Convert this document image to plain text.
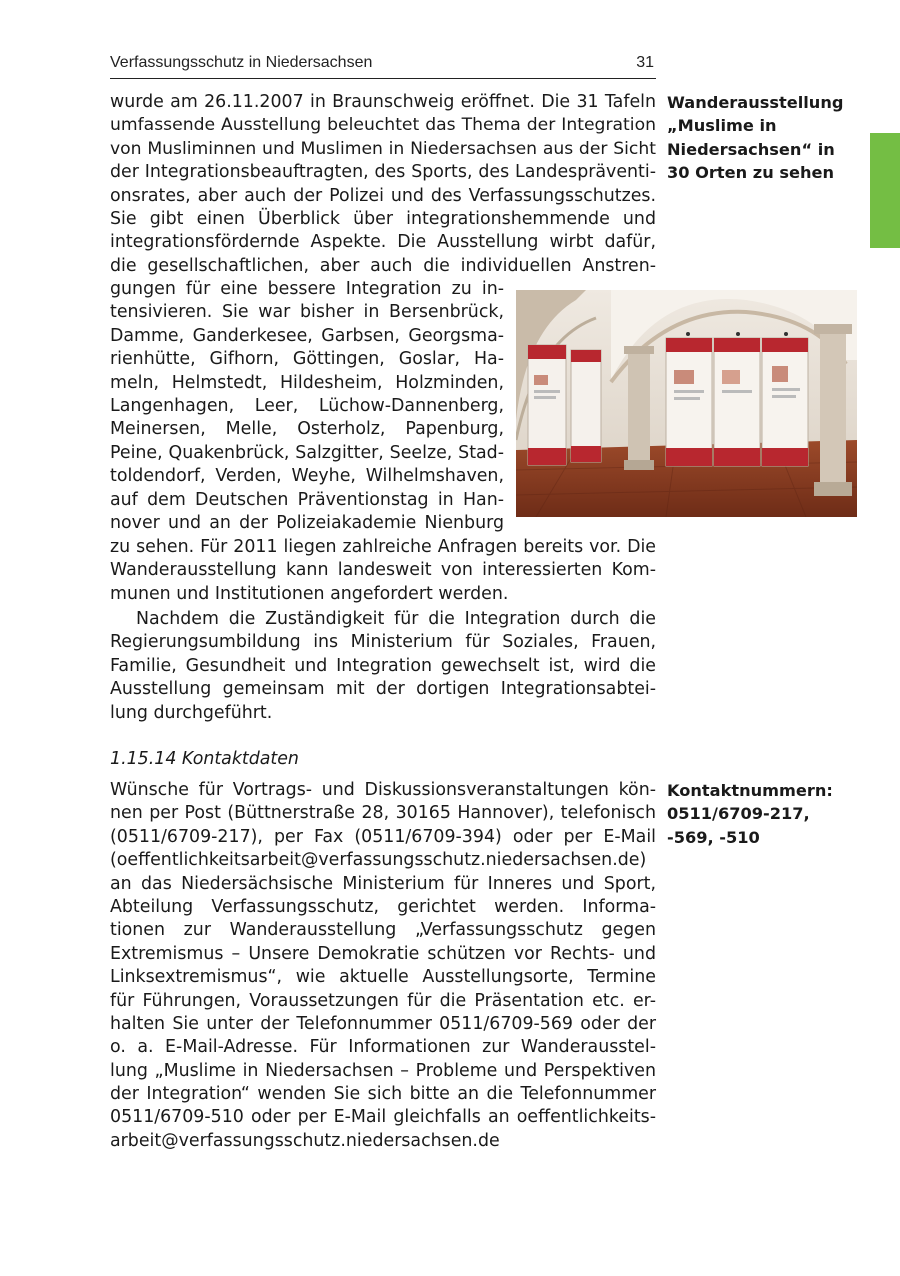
Verfassungsschutz in Niedersachsen	31
Wanderausstellung
„Muslime in
Niedersachsen“ in
30 Orten zu sehen
Kontaktnummern:
0511/6709-217,
-569, -510
wurde am 26.11.2007 in Braunschweig eröffnet. Die 31 Tafeln
umfassende Ausstellung beleuchtet das Thema der Integration
von Musliminnen und Muslimen in Niedersachsen aus der Sicht
der Integrationsbeauftragten, des Sports, des Landespräventi-
onsrates, aber auch der Polizei und des Verfassungsschutzes.
Sie gibt einen Überblick über integrationshemmende und
integrationsfördernde Aspekte. Die Ausstellung wirbt dafür,
die gesellschaftlichen, aber auch die individuellen Anstren-
gungen für eine bessere Integration zu in-
tensivieren. Sie war bisher in Bersenbrück,
Damme, Ganderkesee, Garbsen, Georgsma-
rienhütte, Gifhorn, Göttingen, Goslar, Ha-
meln, Helmstedt, Hildesheim, Holzminden,
Langenhagen, Leer, Lüchow-Dannenberg,
Meinersen, Melle, Osterholz, Papenburg,
Peine, Quakenbrück, Salzgitter, Seelze, Stad-
toldendorf, Verden, Weyhe, Wilhelmshaven,
auf dem Deutschen Präventionstag in Han-
nover und an der Polizeiakademie Nienburg
zu sehen. Für 2011 liegen zahlreiche Anfragen bereits vor. Die
Wanderausstellung kann landesweit von interessierten Kom-
munen und Institutionen angefordert werden.
Nachdem die Zuständigkeit für die Integration durch die
Regierungsumbildung ins Ministerium für Soziales, Frauen,
Familie, Gesundheit und Integration gewechselt ist, wird die
Ausstellung gemeinsam mit der dortigen Integrationsabtei-
lung durchgeführt.
1.15.14 Kontaktdaten
Wünsche für Vortrags- und Diskussionsveranstaltungen kön-
nen per Post (Büttnerstraße 28, 30165 Hannover), telefonisch
(0511/6709-217), per Fax (0511/6709-394) oder per E-Mail
(oeffentlichkeitsarbeit@verfassungsschutz.niedersachsen.de)
an das Niedersächsische Ministerium für Inneres und Sport,
Abteilung Verfassungsschutz, gerichtet werden. Informa-
tionen zur Wanderausstellung „Verfassungsschutz gegen
Extremismus – Unsere Demokratie schützen vor Rechts- und
Linksextremismus“, wie aktuelle Ausstellungsorte, Termine
für Führungen, Voraussetzungen für die Präsentation etc. er-
halten Sie unter der Telefonnummer 0511/6709-569 oder der
o. a. E-Mail-Adresse. Für Informationen zur Wanderausstel-
lung „Muslime in Niedersachsen – Probleme und Perspektiven
der Integration“ wenden Sie sich bitte an die Telefonnummer
0511/6709-510 oder per E-Mail gleichfalls an oeffentlichkeits-
arbeit@verfassungsschutz.niedersachsen.de
